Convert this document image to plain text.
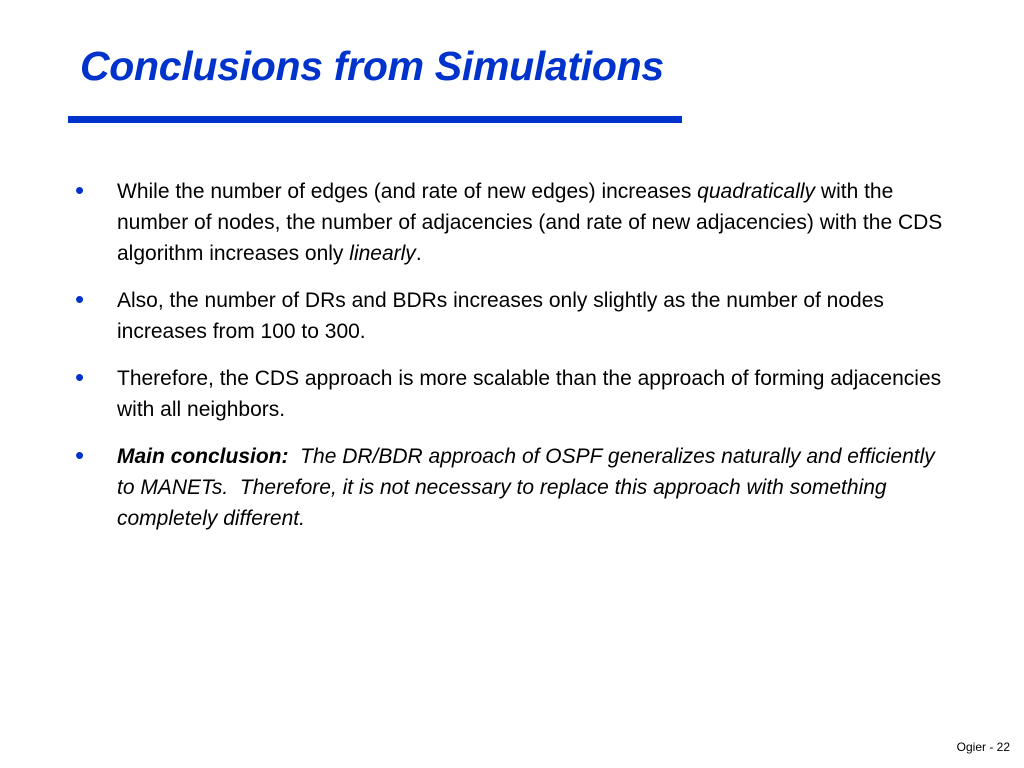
Conclusions from Simulations
• While the number of edges (and rate of new edges) increases quadratically with the number of nodes, the number of adjacencies (and rate of new adjacencies) with the CDS algorithm increases only linearly.
• Also, the number of DRs and BDRs increases only slightly as the number of nodes increases from 100 to 300.
• Therefore, the CDS approach is more scalable than the approach of forming adjacencies with all neighbors.
• Main conclusion:  The DR/BDR approach of OSPF generalizes naturally and efficiently to MANETs.  Therefore, it is not necessary to replace this approach with something completely different.
Ogier - 22
